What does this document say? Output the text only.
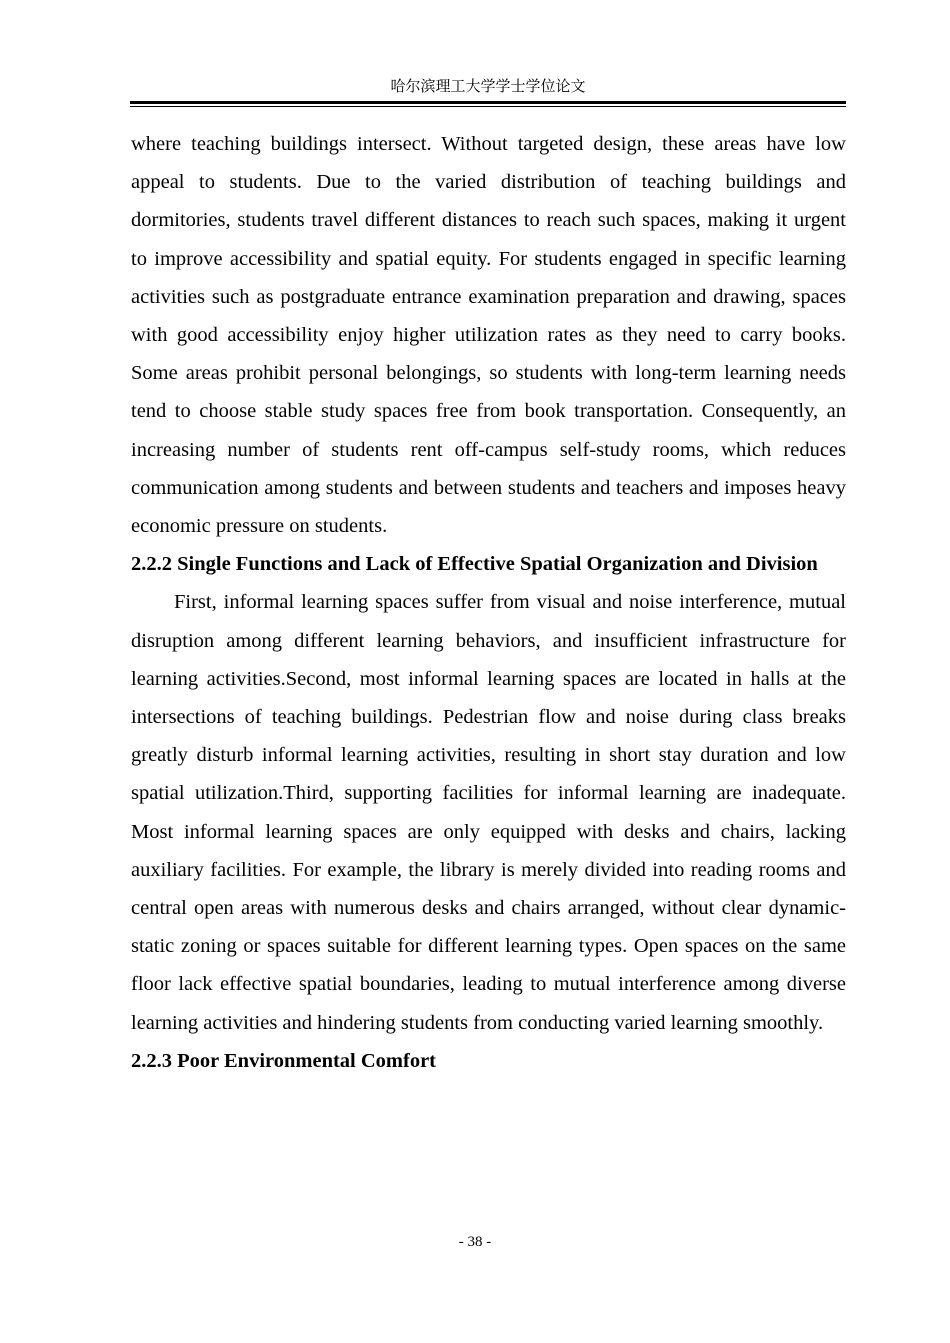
哈尔滨理工大学学士学位论文

where teaching buildings intersect. Without targeted design, these areas have low appeal to students. Due to the varied distribution of teaching buildings and dormitories, students travel different distances to reach such spaces, making it urgent to improve accessibility and spatial equity. For students engaged in specific learning activities such as postgraduate entrance examination preparation and drawing, spaces with good accessibility enjoy higher utilization rates as they need to carry books. Some areas prohibit personal belongings, so students with long-term learning needs tend to choose stable study spaces free from book transportation. Consequently, an increasing number of students rent off-campus self-study rooms, which reduces communication among students and between students and teachers and imposes heavy economic pressure on students.

2.2.2 Single Functions and Lack of Effective Spatial Organization and Division

First, informal learning spaces suffer from visual and noise interference, mutual disruption among different learning behaviors, and insufficient infrastructure for learning activities.Second, most informal learning spaces are located in halls at the intersections of teaching buildings. Pedestrian flow and noise during class breaks greatly disturb informal learning activities, resulting in short stay duration and low spatial utilization.Third, supporting facilities for informal learning are inadequate. Most informal learning spaces are only equipped with desks and chairs, lacking auxiliary facilities. For example, the library is merely divided into reading rooms and central open areas with numerous desks and chairs arranged, without clear dynamic-static zoning or spaces suitable for different learning types. Open spaces on the same floor lack effective spatial boundaries, leading to mutual interference among diverse learning activities and hindering students from conducting varied learning smoothly.

2.2.3 Poor Environmental Comfort

- 38 -
